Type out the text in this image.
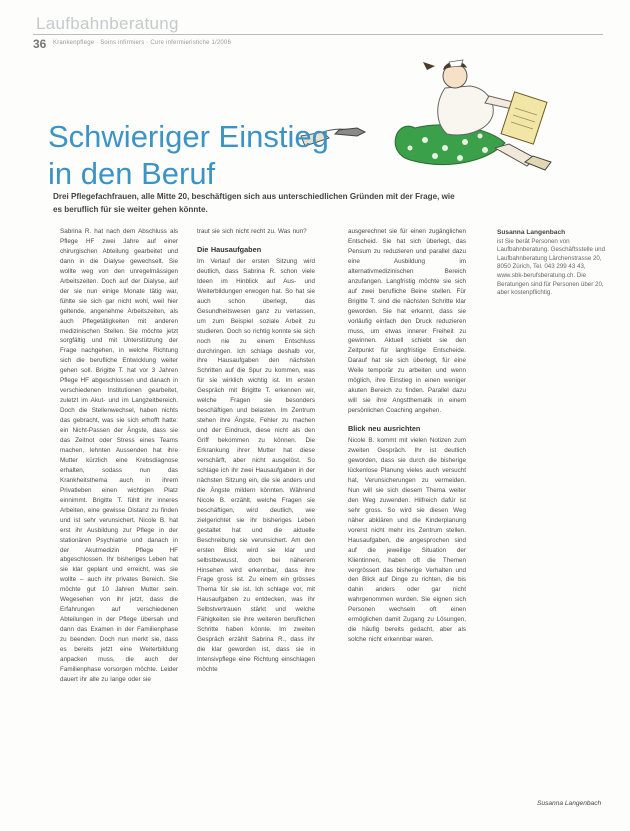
Laufbahnberatung
36 Krankenpflege · Soins infirmiers · Cure infermieristiche 1/2006
Schwieriger Einstieg
in den Beruf

Drei Pflegefachfrauen, alle Mitte 20, beschäftigen sich aus unterschiedlichen Gründen mit der Frage, wie es beruflich für sie weiter gehen könnte.

Sabrina R. hat nach dem Abschluss als Pflege HF zwei Jahre auf einer chirurgischen Abteilung gearbeitet und dann in die Dialyse gewechselt. Sie wollte weg von den unregelmässigen Arbeitszeiten. Doch auf der Dialyse, auf der sie nun einige Monate tätig war, fühlte sie sich gar nicht wohl, weil hier geltende, angenehme Arbeitszeiten, als auch Pflegetätigkeiten mit anderen medizinischen Stellen. Sie möchte jetzt sorgfältig und mit Unterstützung der Frage nachgehen, in welche Richtung sich die berufliche Entwicklung weiter gehen soll. Brigitte T. hat vor 3 Jahren Pflege HF abgeschlossen und danach in verschiedenen Institutionen gearbeitet, zuletzt im Akut- und im Langzeitbereich. Doch die Stellenwechsel, haben nichts das gebracht, was sie sich erhofft hatte: ein Nicht-Passen der Ängste, dass sie das Zeitnot oder Stress eines Teams machen, lehnten Aussenden hat ihre Mutter kürzlich eine Krebsdiagnose erhalten, sodass nun das Krankheitsthema auch in ihrem Privatleben einen wichtigen Platz einnimmt. Brigitte T. fühlt ihr inneres Arbeiten, eine gewisse Distanz zu finden und ist sehr verunsichert. Nicole B. hat erst ihr Ausbildung zur Pflege in der stationären Psychiatrie und danach in der Akutmedizin Pflege HF abgeschlossen. Ihr bisheriges Leben hat sie klar geplant und erreicht, was sie wollte – auch ihr privates Bereich. Sie möchte gut 10 Jahren Mutter sein. Wegesehen von ihr jetzt, dass die Erfahrungen auf verschiedenen Abteilungen in der Pflege übersah und dann das Examen in der Familienphase zu beenden. Doch nun merkt sie, dass es bereits jetzt eine Weiterbildung anpacken muss, die auch der Familienphase vorsorgen möchte. Leider dauert ihr alle zu lange oder sie

traut sie sich nicht recht zu. Was nun?

Die Hausaufgaben

Im Verlauf der ersten Sitzung wird deutlich, dass Sabrina R. schon viele Ideen im Hinblick auf Aus- und Weiterbildungen erwogen hat. So hat sie auch schon überlegt, das Gesundheitswesen ganz zu verlassen, um zum Beispiel soziale Arbeit zu studieren. Doch so richtig konnte sie sich noch nie zu einem Entschluss durchringen. Ich schlage deshalb vor, ihre Hausaufgaben den nächsten Schritten auf die Spur zu kommen, was für sie wirklich wichtig ist. Im ersten Gespräch mit Brigitte T. erkennen wir, welche Fragen sie besonders beschäftigen und belasten. Im Zentrum stehen ihre Ängste, Fehler zu machen und der Eindruck, diese nicht als den Griff bekommen zu können. Die Erkrankung ihrer Mutter hat diese verschärft, aber nicht ausgelöst. So schlage ich ihr zwei Hausaufgaben in der nächsten Sitzung ein, die sie anders und die Ängste mildern könnten. Während Nicole B. erzählt, welche Fragen sie beschäftigen, wird deutlich, wie zielgerichtet sie ihr bisheriges Leben gestaltet hat und die aktuelle Beschreibung sie verunsichert. Am den ersten Blick wird sie klar und selbstbewusst, doch bei näherem Hinsehen wird erkennbar, dass ihre Frage gross ist. Zu einem ein grösses Thema für sie ist. Ich schlage vor, mit Hausaufgaben zu entdecken, was ihr Selbstvertrauen stärkt und welche Fähigkeiten sie ihre weiteren beruflichen Schritte haben könnte. Im zweiten Gespräch erzählt Sabrina R., dass ihr die klar geworden ist, dass sie in Intensivpflege eine Richtung einschlagen möchte

ausgerechnet sie für einen zugänglichen Entscheid. Sie hat sich überlegt, das Pensum zu reduzieren und parallel dazu eine Ausbildung im alternativmedizinischen Bereich anzufangen. Langfristig möchte sie sich auf zwei berufliche Beine stellen. Für Brigitte T. sind die nächsten Schritte klar geworden. Sie hat erkannt, dass sie vorläufig einfach den Druck reduzieren muss, um etwas innerer Freiheit zu gewinnen. Aktuell schiebt sie den Zeitpunkt für langfristige Entscheide. Darauf hat sie sich überlegt, für eine Weile temporär zu arbeiten und wenn möglich, ihre Einstieg in einen weniger akuten Bereich zu finden. Parallel dazu will sie ihre Angstthematik in einem persönlichen Coaching angehen.

Blick neu ausrichten

Nicole B. kommt mit vielen Notizen zum zweiten Gespräch. Ihr ist deutlich geworden, dass sie durch die bisherige lückenlose Planung vieles auch versucht hat, Verunsicherungen zu vermeiden. Nun will sie sich diesem Thema weiter den Weg zuwenden. Hilfreich dafür ist sehr gross. So wird sie diesen Weg näher abklären und die Kinderplanung vorerst nicht mehr ins Zentrum stellen. Hausaufgaben, die angesprochen sind auf die jeweilige Situation der Klientinnen, haben oft die Themen vergrössert das bisherige Verhalten und den Blick auf Dinge zu richten, die bis dahin anders oder gar nicht wahrgenommen wurden. Sie eignen sich Personen wechseln oft einen ermöglichen damit Zugang zu Lösungen, die häufig bereits gedacht, aber als solche nicht erkennbar waren.

Susanna Langenbach
ist Sie berät Personen von Laufbahnberatung. Geschäftsstelle und Laufbahnberatung Lärchenstrasse 20, 8050 Zürich, Tel. 043 299 43 43, www.sbk-berufsberatung.ch. Die Beratungen sind für Personen über 20, aber kostenpflichtig.
Susanna Langenbach
